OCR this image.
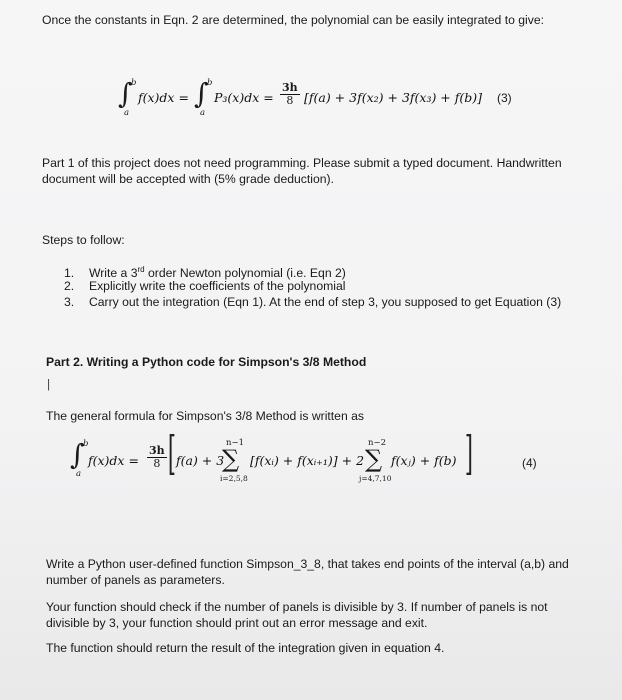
Once the constants in Eqn. 2 are determined, the polynomial can be easily integrated to give:
∫
b
a
f(x)dx = ∫
b
a
$P_3(x)dx = \frac{3h}{8} [f(a) + 3f(x_2) + 3f(x_3) + f(b)]$ (3)
Part 1 of this project does not need programming. Please submit a typed document. Handwritten
document will be accepted with (5% grade deduction).
Steps to follow:
1. Write a 3rd order Newton polynomial (i.e. Eqn 2)
2. Explicitly write the coefficients of the polynomial
3. Carry out the integration (Eqn 1). At the end of step 3, you supposed to get Equation (3)
Part 2. Writing a Python code for Simpson's 3/8 Method
|
The general formula for Simpson's 3/8 Method is written as
∫
b
a
$f(x)dx = \frac{3h}{8}$ [ f(a) + 3
n−1
∑
i=2,5,8
[f(xᵢ) + f(xᵢ₊₁)] + 2
n−2
∑
j=4,7,10
f(xⱼ) + f(b) ]	(4)
Write a Python user-defined function Simpson_3_8, that takes end points of the interval (a,b) and
number of panels as parameters.
Your function should check if the number of panels is divisible by 3. If number of panels is not
divisible by 3, your function should print out an error message and exit.
The function should return the result of the integration given in equation 4.
